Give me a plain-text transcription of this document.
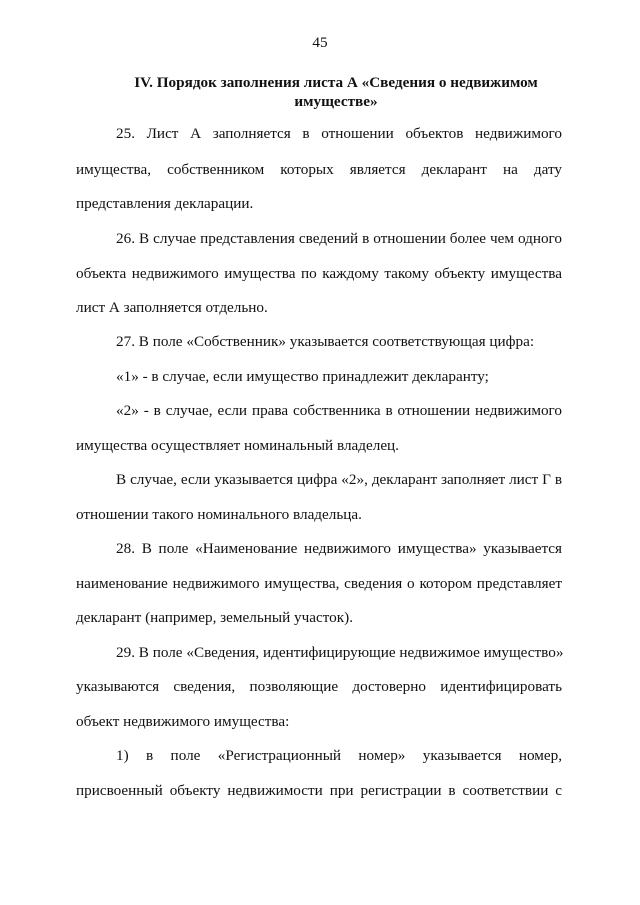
45
IV. Порядок заполнения листа А «Сведения о недвижимом
имуществе»
25. Лист А заполняется в отношении объектов недвижимого
имущества, собственником которых является декларант на дату
представления декларации.
26. В случае представления сведений в отношении более чем одного
объекта недвижимого имущества по каждому такому объекту имущества
лист А заполняется отдельно.
27. В поле «Собственник» указывается соответствующая цифра:
«1» - в случае, если имущество принадлежит декларанту;
«2» - в случае, если права собственника в отношении недвижимого
имущества осуществляет номинальный владелец.
В случае, если указывается цифра «2», декларант заполняет лист Г в
отношении такого номинального владельца.
28. В поле «Наименование недвижимого имущества» указывается
наименование недвижимого имущества, сведения о котором представляет
декларант (например, земельный участок).
29. В поле «Сведения, идентифицирующие недвижимое имущество»
указываются сведения, позволяющие достоверно идентифицировать
объект недвижимого имущества:
1) в поле «Регистрационный номер» указывается номер,
присвоенный объекту недвижимости при регистрации в соответствии с
